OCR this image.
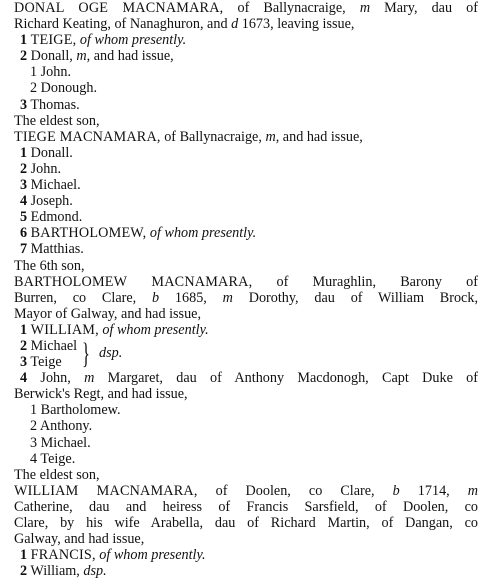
DONAL OGE MACNAMARA, of Ballynacraige, m Mary, dau of
Richard Keating, of Nanaghuron, and d 1673, leaving issue,
1 TEIGE, of whom presently.
2 Donall, m, and had issue,
1 John.
2 Donough.
3 Thomas.
The eldest son,
TIEGE MACNAMARA, of Ballynacraige, m, and had issue,
1 Donall.
2 John.
3 Michael.
4 Joseph.
5 Edmond.
6 BARTHOLOMEW, of whom presently.
7 Matthias.
The 6th son,
BARTHOLOMEW MACNAMARA, of Muraghlin, Barony of
Burren, co Clare, b 1685, m Dorothy, dau of William Brock,
Mayor of Galway, and had issue,
1 WILLIAM, of whom presently.
2 Michael
3 Teige } dsp.
4 John, m Margaret, dau of Anthony Macdonogh, Capt Duke of
Berwick's Regt, and had issue,
1 Bartholomew.
2 Anthony.
3 Michael.
4 Teige.
The eldest son,
WILLIAM MACNAMARA, of Doolen, co Clare, b 1714, m
Catherine, dau and heiress of Francis Sarsfield, of Doolen, co
Clare, by his wife Arabella, dau of Richard Martin, of Dangan, co
Galway, and had issue,
1 FRANCIS, of whom presently.
2 William, dsp.
